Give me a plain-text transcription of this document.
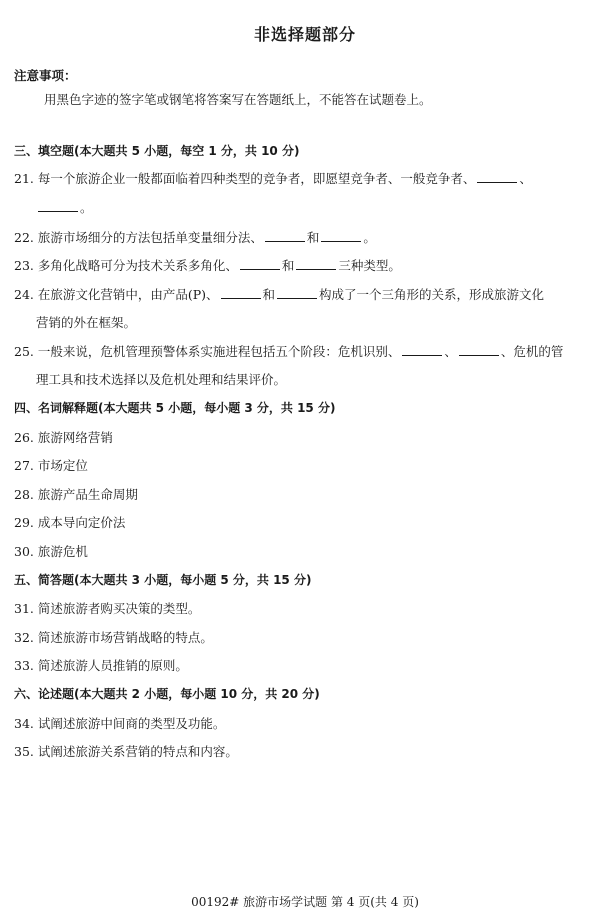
非选择题部分
注意事项：
用黑色字迹的签字笔或钢笔将答案写在答题纸上，不能答在试题卷上。
三、填空题(本大题共 5 小题，每空 1 分，共 10 分)
21. 每一个旅游企业一般都面临着四种类型的竞争者，即愿望竞争者、一般竞争者、	、
。
22. 旅游市场细分的方法包括单变量细分法、	和	。
23. 多角化战略可分为技术关系多角化、	和	三种类型。
24. 在旅游文化营销中，由产品(P)、	和	构成了一个三角形的关系，形成旅游文化
营销的外在框架。
25. 一般来说，危机管理预警体系实施进程包括五个阶段：危机识别、	、	、危机的管
理工具和技术选择以及危机处理和结果评价。
四、名词解释题(本大题共 5 小题，每小题 3 分，共 15 分)
26. 旅游网络营销
27. 市场定位
28. 旅游产品生命周期
29. 成本导向定价法
30. 旅游危机
五、简答题(本大题共 3 小题，每小题 5 分，共 15 分)
31. 简述旅游者购买决策的类型。
32. 简述旅游市场营销战略的特点。
33. 简述旅游人员推销的原则。
六、论述题(本大题共 2 小题，每小题 10 分，共 20 分)
34. 试阐述旅游中间商的类型及功能。
35. 试阐述旅游关系营销的特点和内容。
00192# 旅游市场学试题 第 4 页(共 4 页)
